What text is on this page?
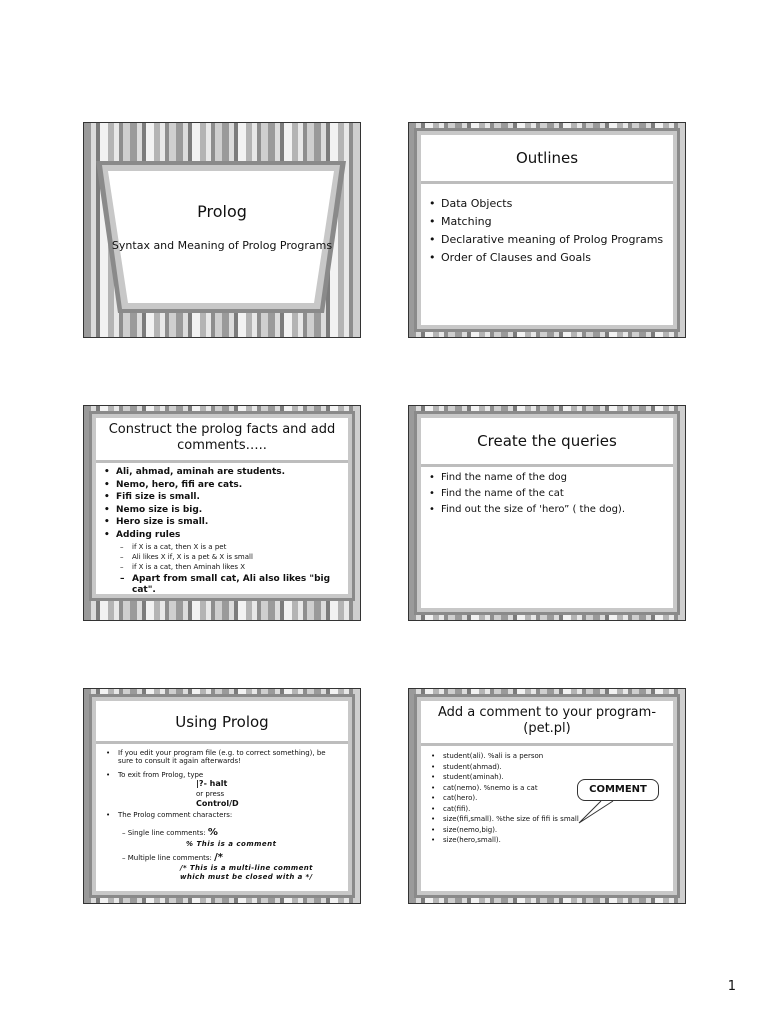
Prolog
Syntax and Meaning of Prolog Programs
Outlines
• Data Objects
• Matching
• Declarative meaning of Prolog Programs
• Order of Clauses and Goals
Construct the prolog facts and add comments…..
• Ali, ahmad, aminah are students.
• Nemo, hero, fifi are cats.
• Fifi size is small.
• Nemo size is big.
• Hero size is small.
• Adding rules
– if X is a cat, then X is a pet
– Ali likes X if, X is a pet & X is small
– if X is a cat, then Aminah likes X
– Apart from small cat, Ali also likes "big cat".
Create the queries
• Find the name of the dog
• Find the name of the cat
• Find out the size of 'hero” ( the dog).
Using Prolog
• If you edit your program file (e.g. to correct something), be sure to consult it again afterwards!
• To exit from Prolog, type
|?- halt
or press
Control/D
• The Prolog comment characters:
– Single line comments: %
% This is a comment
– Multiple line comments: /*
/* This is a multi-line comment
which must be closed with a */
Add a comment to your program-(pet.pl)
• student(ali). %ali is a person
• student(ahmad).
• student(aminah).
• cat(nemo). %nemo is a cat
• cat(hero).
• cat(fifi).
• size(fifi,small). %the size of fifi is small
• size(nemo,big).
• size(hero,small).
COMMENT
1
